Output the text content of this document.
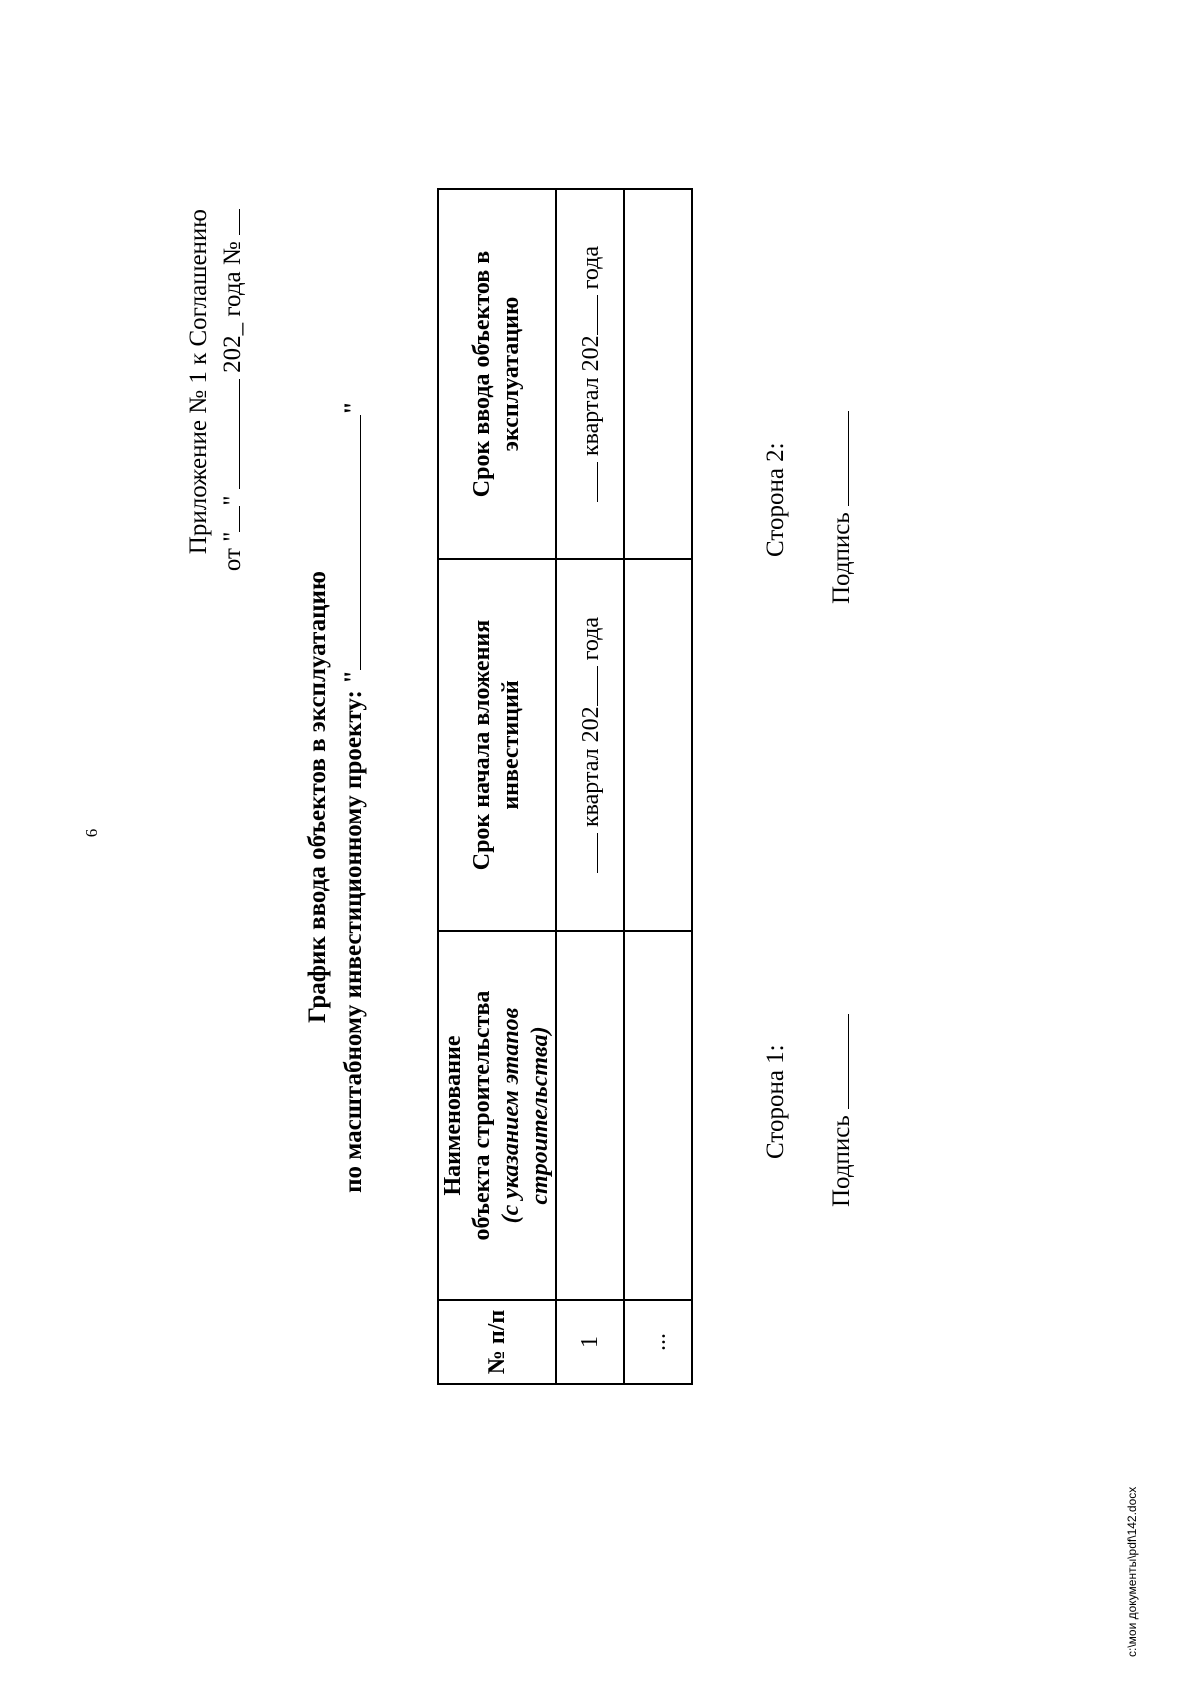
6
Приложение № 1 к Соглашению от ""  202_ года №
График ввода объектов в эксплуатацию по масштабному инвестиционному проекту: ""
№ п/п	Наименование объекта строительства (с указанием этапов строительства)	Срок начала вложения инвестиций	Срок ввода объектов в эксплуатацию
1		квартал 202 года	квартал 202 года
...			
Сторона 1:
Сторона 2:
Подпись
Подпись
c:\мои документы\pdf\142.docx
